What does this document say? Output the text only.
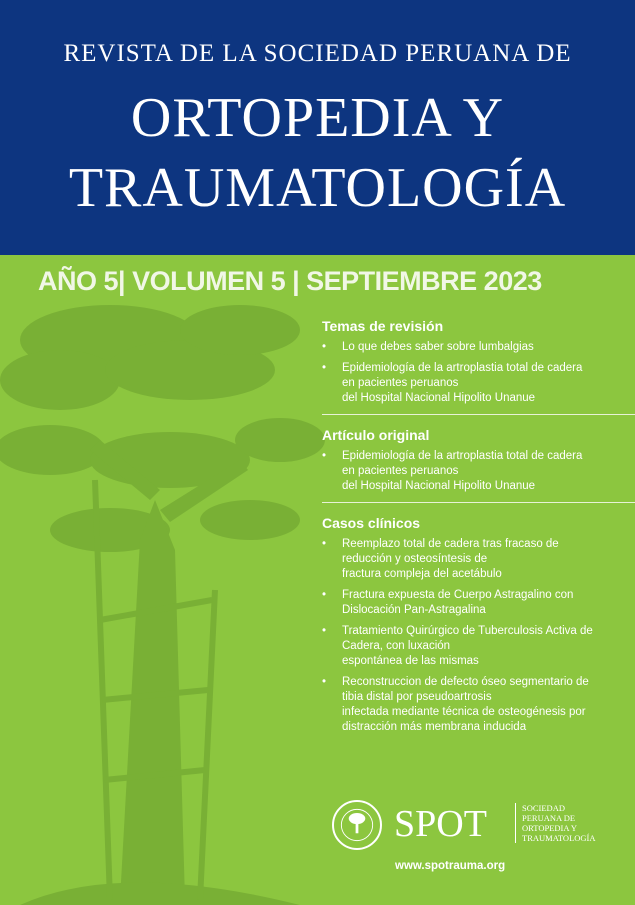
REVISTA DE LA SOCIEDAD PERUANA DE
ORTOPEDIA Y
TRAUMATOLOGÍA
AÑO 5| VOLUMEN 5 | SEPTIEMBRE 2023
Temas de revisión
• Lo que debes saber sobre lumbalgias
• Epidemiología de la artroplastia total de cadera
en pacientes peruanos
del Hospital Nacional Hipolito Unanue
Artículo original
• Epidemiología de la artroplastia total de cadera
en pacientes peruanos
del Hospital Nacional Hipolito Unanue
Casos clínicos
• Reemplazo total de cadera tras fracaso de
reducción y osteosíntesis de
fractura compleja del acetábulo
• Fractura expuesta de Cuerpo Astragalino con
Dislocación Pan-Astragalina
• Tratamiento Quirúrgico de Tuberculosis Activa de
Cadera, con luxación
espontánea de las mismas
• Reconstruccion de defecto óseo segmentario de
tibia distal por pseudoartrosis
infectada mediante técnica de osteogénesis por
distracción más membrana inducida
SPOT	SOCIEDAD
PERUANA DE
ORTOPEDIA Y
TRAUMATOLOGÍA
www.spotrauma.org
